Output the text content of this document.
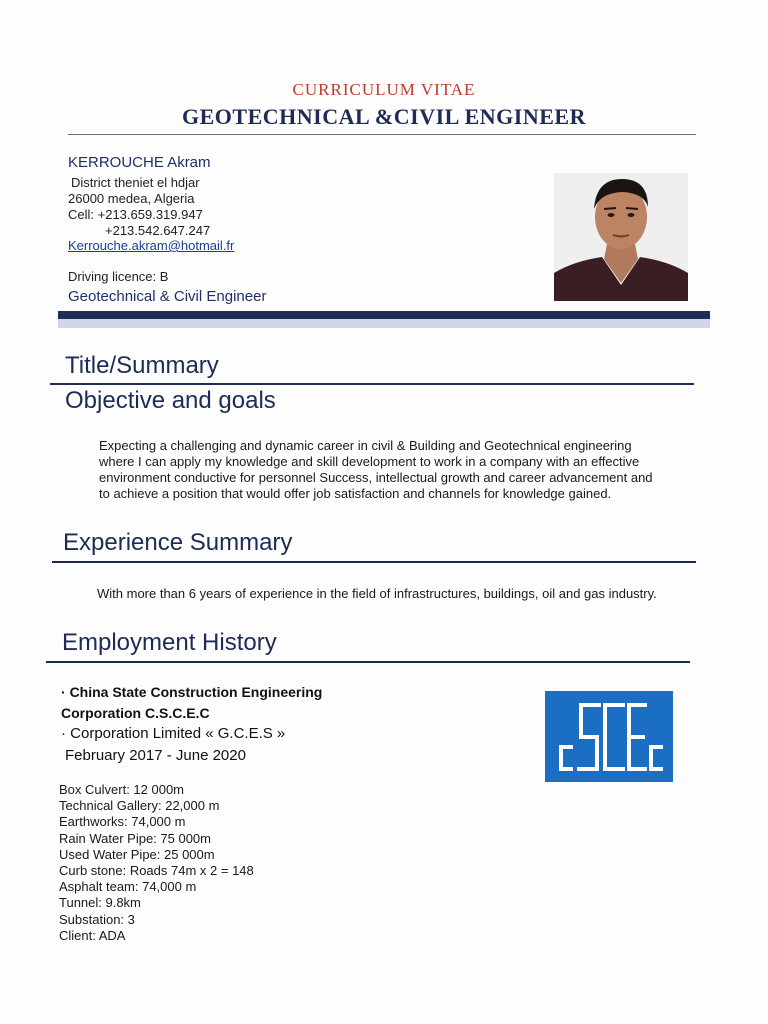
CURRICULUM VITAE
GEOTECHNICAL &CIVIL ENGINEER
KERROUCHE Akram
District theniet el hdjar
26000 medea, Algeria
Cell: +213.659.319.947
+213.542.647.247
Kerrouche.akram@hotmail.fr
Driving licence: B
Geotechnical & Civil Engineer
Title/Summary
Objective and goals
Expecting a challenging and dynamic career in civil & Building and Geotechnical engineering where I can apply my knowledge and skill development to work in a company with an effective environment conductive for personnel Success, intellectual growth and career advancement and to achieve a position that would offer job satisfaction and channels for knowledge gained.
Experience Summary
With more than 6 years of experience in the field of infrastructures, buildings, oil and gas industry.
Employment History
· China State Construction Engineering
Corporation C.S.C.E.C
· Corporation Limited « G.C.E.S »
February 2017 - June 2020
cSCEc
Box Culvert: 12 000m
Technical Gallery: 22,000 m
Earthworks: 74,000 m
Rain Water Pipe: 75 000m
Used Water Pipe: 25 000m
Curb stone: Roads 74m x 2 = 148
Asphalt team: 74,000 m
Tunnel: 9.8km
Substation: 3
Client: ADA
